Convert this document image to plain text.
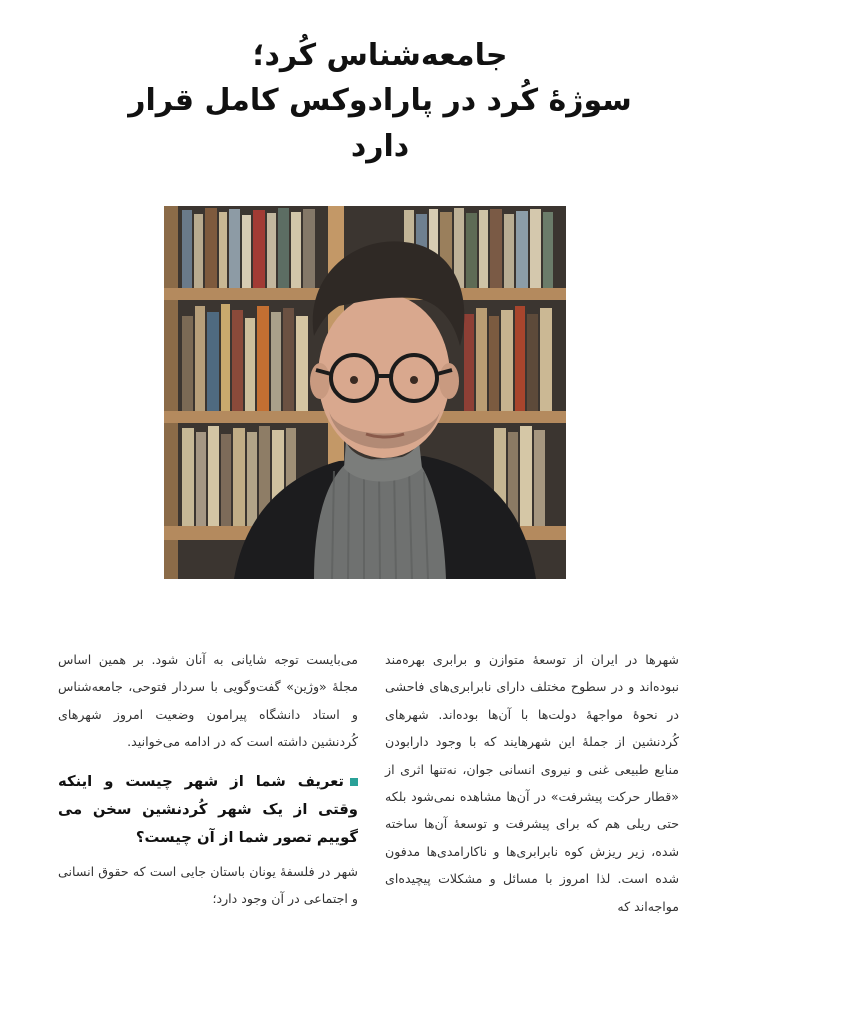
جامعه‌شناس کُرد؛
سوژۀ کُرد در پارادوکس کامل قرار دارد

شهرها در ایران از توسعۀ متوازن و برابری بهره‌مند نبوده‌اند و در سطوح مختلف دارای نابرابری‌های فاحشی در نحوۀ مواجهۀ دولت‌ها با آن‌ها بوده‌اند. شهرهای کُردنشین از جملۀ این شهرهایند که با وجود دارابودن منابع طبیعی غنی و نیروی انسانی جوان، نه‌تنها اثری از «قطار حرکت پیشرفت» در آن‌ها مشاهده نمی‌شود بلکه حتی ریلی هم که برای پیشرفت و توسعۀ آن‌ها ساخته شده، زیر ریزش کوه نابرابری‌ها و ناکارامدی‌ها مدفون شده است. لذا امروز با مسائل و مشکلات پیچیده‌ای مواجه‌اند که

می‌بایست توجه شایانی به آنان شود. بر همین اساس مجلۀ «وژین» گفت‌وگویی با سردار فتوحی، جامعه‌شناس و استاد دانشگاه پیرامون وضعیت امروز شهرهای کُردنشین داشته است که در ادامه می‌خوانید.

تعریف شما از شهر چیست و اینکه وقتی از یک شهر کُردنشین سخن می گوییم تصور شما از آن چیست؟

شهر در فلسفۀ یونان باستان جایی است که حقوق انسانی و اجتماعی در آن وجود دارد؛
